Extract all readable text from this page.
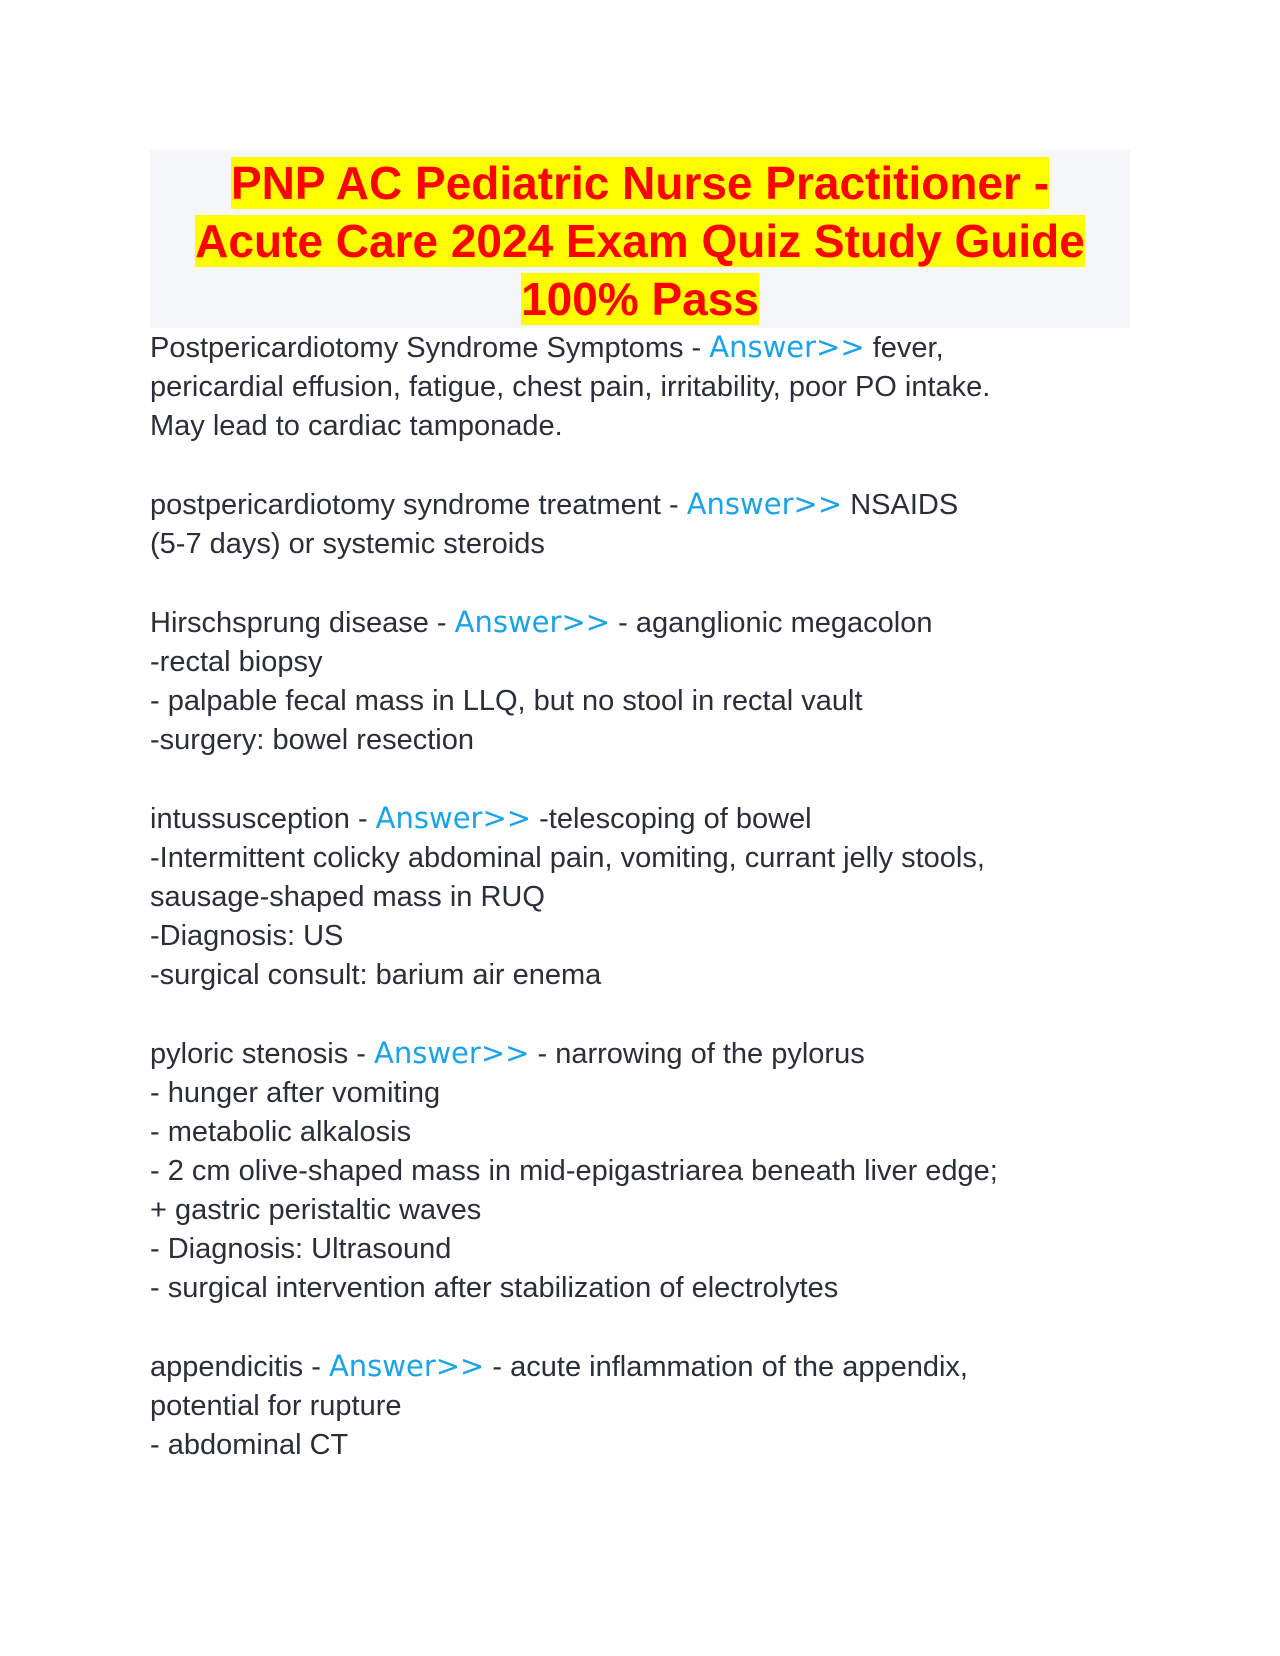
PNP AC Pediatric Nurse Practitioner -
Acute Care 2024 Exam Quiz Study Guide
100% Pass
Postpericardiotomy Syndrome Symptoms - Answer>> fever,
pericardial effusion, fatigue, chest pain, irritability, poor PO intake.
May lead to cardiac tamponade.
postpericardiotomy syndrome treatment - Answer>> NSAIDS
(5-7 days) or systemic steroids
Hirschsprung disease - Answer>> - aganglionic megacolon
-rectal biopsy
- palpable fecal mass in LLQ, but no stool in rectal vault
-surgery: bowel resection
intussusception - Answer>> -telescoping of bowel
-Intermittent colicky abdominal pain, vomiting, currant jelly stools,
sausage-shaped mass in RUQ
-Diagnosis: US
-surgical consult: barium air enema
pyloric stenosis - Answer>> - narrowing of the pylorus
- hunger after vomiting
- metabolic alkalosis
- 2 cm olive-shaped mass in mid-epigastriarea beneath liver edge;
+ gastric peristaltic waves
- Diagnosis: Ultrasound
- surgical intervention after stabilization of electrolytes
appendicitis - Answer>> - acute inflammation of the appendix,
potential for rupture
- abdominal CT
